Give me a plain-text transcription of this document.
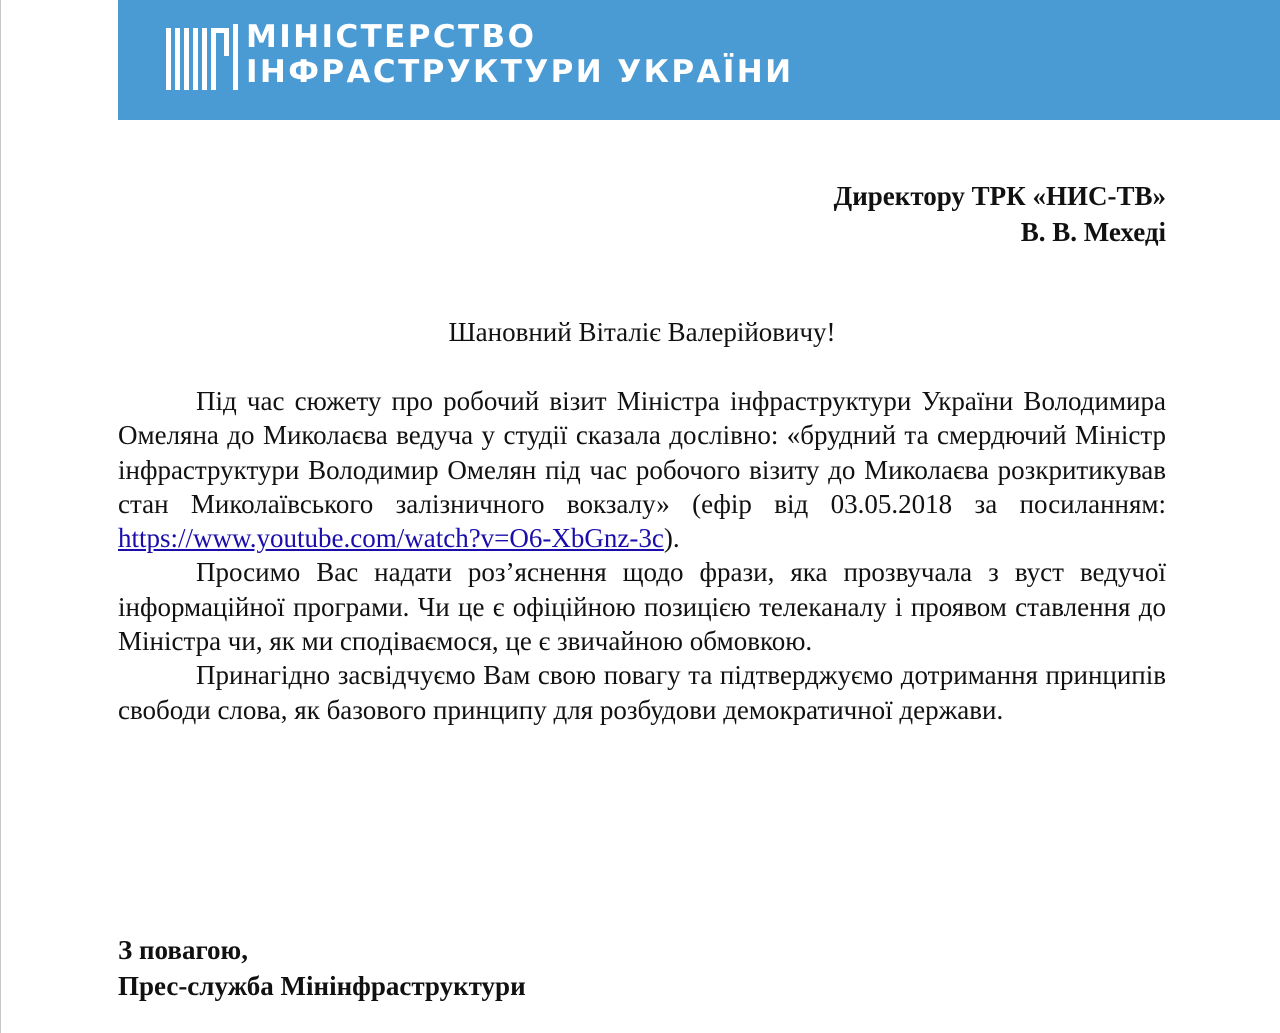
МІНІСТЕРСТВО
ІНФРАСТРУКТУРИ УКРАЇНИ
Директору ТРК «НИС-ТВ»
В. В. Мехеді
Шановний Віталіє Валерійовичу!

Під час сюжету про робочий візит Міністра інфраструктури України Володимира Омеляна до Миколаєва ведуча у студії сказала дослівно: «брудний та смердючий Міністр інфраструктури Володимир Омелян під час робочого візиту до Миколаєва розкритикував стан Миколаївського залізничного вокзалу» (ефір від 03.05.2018 за посиланням: https://www.youtube.com/watch?v=O6-XbGnz-3c).

Просимо Вас надати роз’яснення щодо фрази, яка прозвучала з вуст ведучої інформаційної програми. Чи це є офіційною позицією телеканалу і проявом ставлення до Міністра чи, як ми сподіваємося, це є звичайною обмовкою.

Принагідно засвідчуємо Вам свою повагу та підтверджуємо дотримання принципів свободи слова, як базового принципу для розбудови демократичної держави.

З повагою,
Прес-служба Мінінфраструктури
